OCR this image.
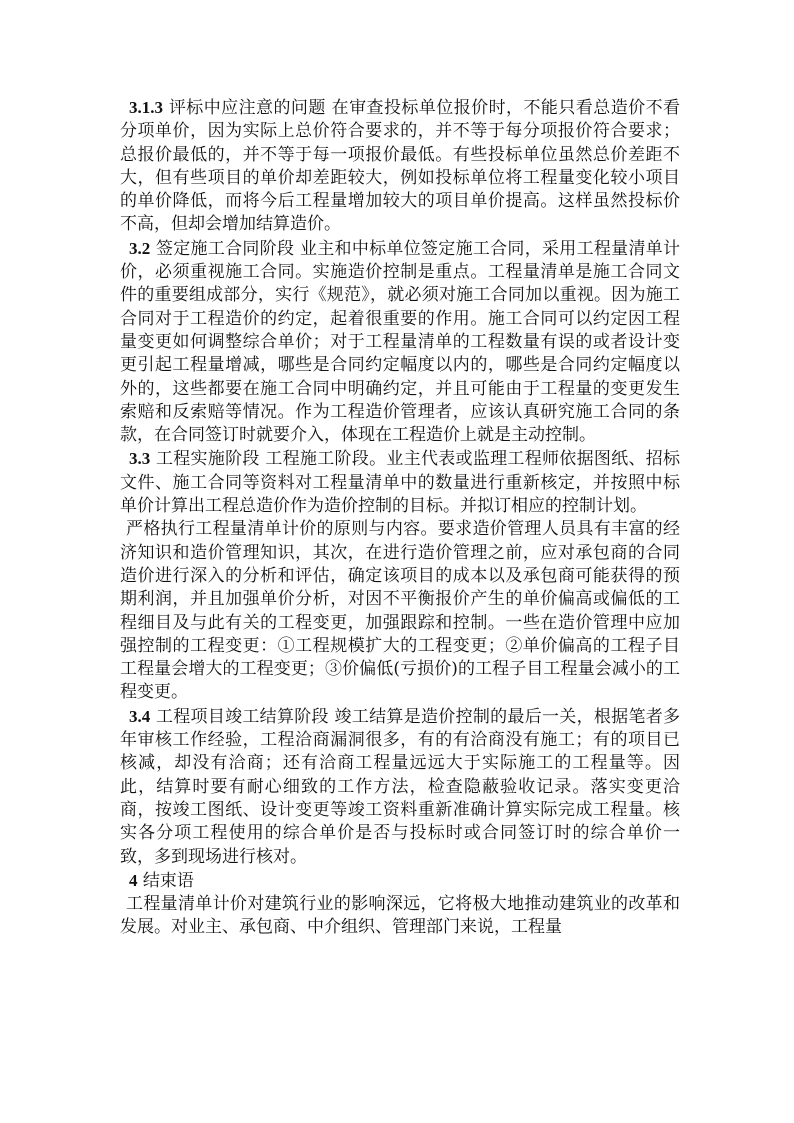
3.1.3 评标中应注意的问题 在审查投标单位报价时，不能只看总造价不看分项单价，因为实际上总价符合要求的，并不等于每分项报价符合要求；总报价最低的，并不等于每一项报价最低。有些投标单位虽然总价差距不大，但有些项目的单价却差距较大，例如投标单位将工程量变化较小项目的单价降低，而将今后工程量增加较大的项目单价提高。这样虽然投标价不高，但却会增加结算造价。

3.2 签定施工合同阶段 业主和中标单位签定施工合同，采用工程量清单计价，必须重视施工合同。实施造价控制是重点。工程量清单是施工合同文件的重要组成部分，实行《规范》，就必须对施工合同加以重视。因为施工合同对于工程造价的约定，起着很重要的作用。施工合同可以约定因工程量变更如何调整综合单价；对于工程量清单的工程数量有误的或者设计变更引起工程量增减，哪些是合同约定幅度以内的，哪些是合同约定幅度以外的，这些都要在施工合同中明确约定，并且可能由于工程量的变更发生索赔和反索赔等情况。作为工程造价管理者，应该认真研究施工合同的条款，在合同签订时就要介入，体现在工程造价上就是主动控制。

3.3 工程实施阶段 工程施工阶段。业主代表或监理工程师依据图纸、招标文件、施工合同等资料对工程量清单中的数量进行重新核定，并按照中标单价计算出工程总造价作为造价控制的目标。并拟订相应的控制计划。

严格执行工程量清单计价的原则与内容。要求造价管理人员具有丰富的经济知识和造价管理知识，其次，在进行造价管理之前，应对承包商的合同造价进行深入的分析和评估，确定该项目的成本以及承包商可能获得的预期利润，并且加强单价分析，对因不平衡报价产生的单价偏高或偏低的工程细目及与此有关的工程变更，加强跟踪和控制。一些在造价管理中应加强控制的工程变更：①工程规模扩大的工程变更；②单价偏高的工程子目工程量会增大的工程变更；③价偏低(亏损价)的工程子目工程量会减小的工程变更。

3.4 工程项目竣工结算阶段 竣工结算是造价控制的最后一关，根据笔者多年审核工作经验，工程洽商漏洞很多，有的有洽商没有施工；有的项目已核减，却没有洽商；还有洽商工程量远远大于实际施工的工程量等。因此，结算时要有耐心细致的工作方法，检查隐蔽验收记录。落实变更洽商，按竣工图纸、设计变更等竣工资料重新准确计算实际完成工程量。核实各分项工程使用的综合单价是否与投标时或合同签订时的综合单价一致，多到现场进行核对。

4 结束语

工程量清单计价对建筑行业的影响深远，它将极大地推动建筑业的改革和发展。对业主、承包商、中介组织、管理部门来说，工程量
